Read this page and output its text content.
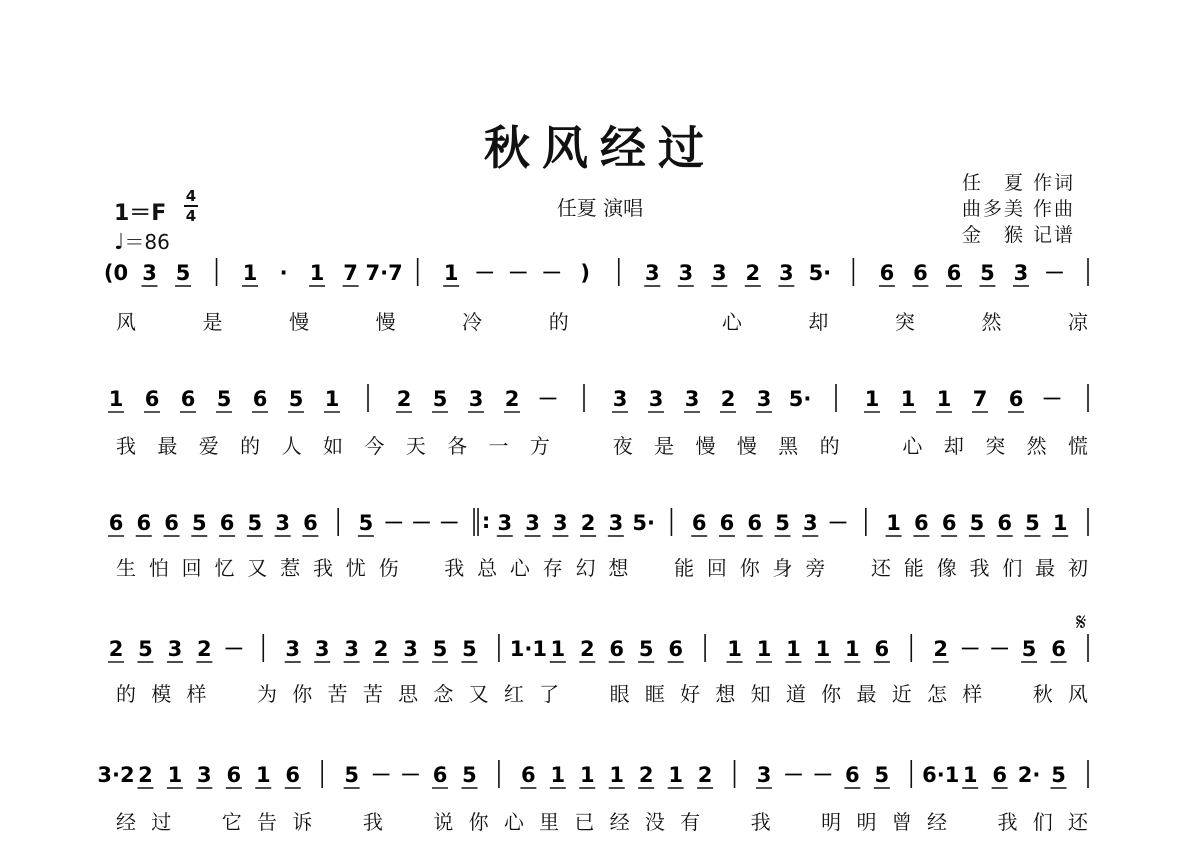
秋风经过
任夏 演唱
任　夏 作词
曲多美 作曲
金　猴 记谱
1＝F
4
4
♩＝86
(0 3 5 1 · 1 7 7·7 1 － － － )	3 3 3 2 3 5· 6 6 6 5 3 －
1 6 6 5 6 5 1	2 5 3 2 －	3 3 3 2 3 5·	1 1 1 7 6 －
6 6 6 5 6 5 3 6 5 － － － : 3 3 3 2 3 5· 6 6 6 5 3 － 1 6 6 5 6 5 1
2 5 3 2 － 3 3 3 2 3 5 5 1·1 1 2 6 5 6 1 1 1 1 1 6 2 － － 5 6
3·2 2 1 3 6 1 6 5 － － 6 5 6 1 1 1 2 1 2 3 － － 6 5 6·1 1 6 2· 5
风	是	慢	慢	冷	的	心	却	突	然	凉
我 最 爱 的 人 如 今 天 各 一 方	夜 是 慢 慢 黑 的	心 却 突 然 慌
生 怕 回 忆 又 惹 我 忧 伤 我 总 心 存 幻 想 能 回 你 身 旁 还 能 像 我 们 最 初
的 模 样	为 你 苦 苦 思 念 又 红 了	眼 眶 好 想 知 道 你 最 近 怎 样	秋 风
经 过	它 告 诉	我	说 你 心 里 已 经 没 有	我	明 明 曾 经	我 们 还
𝄋
